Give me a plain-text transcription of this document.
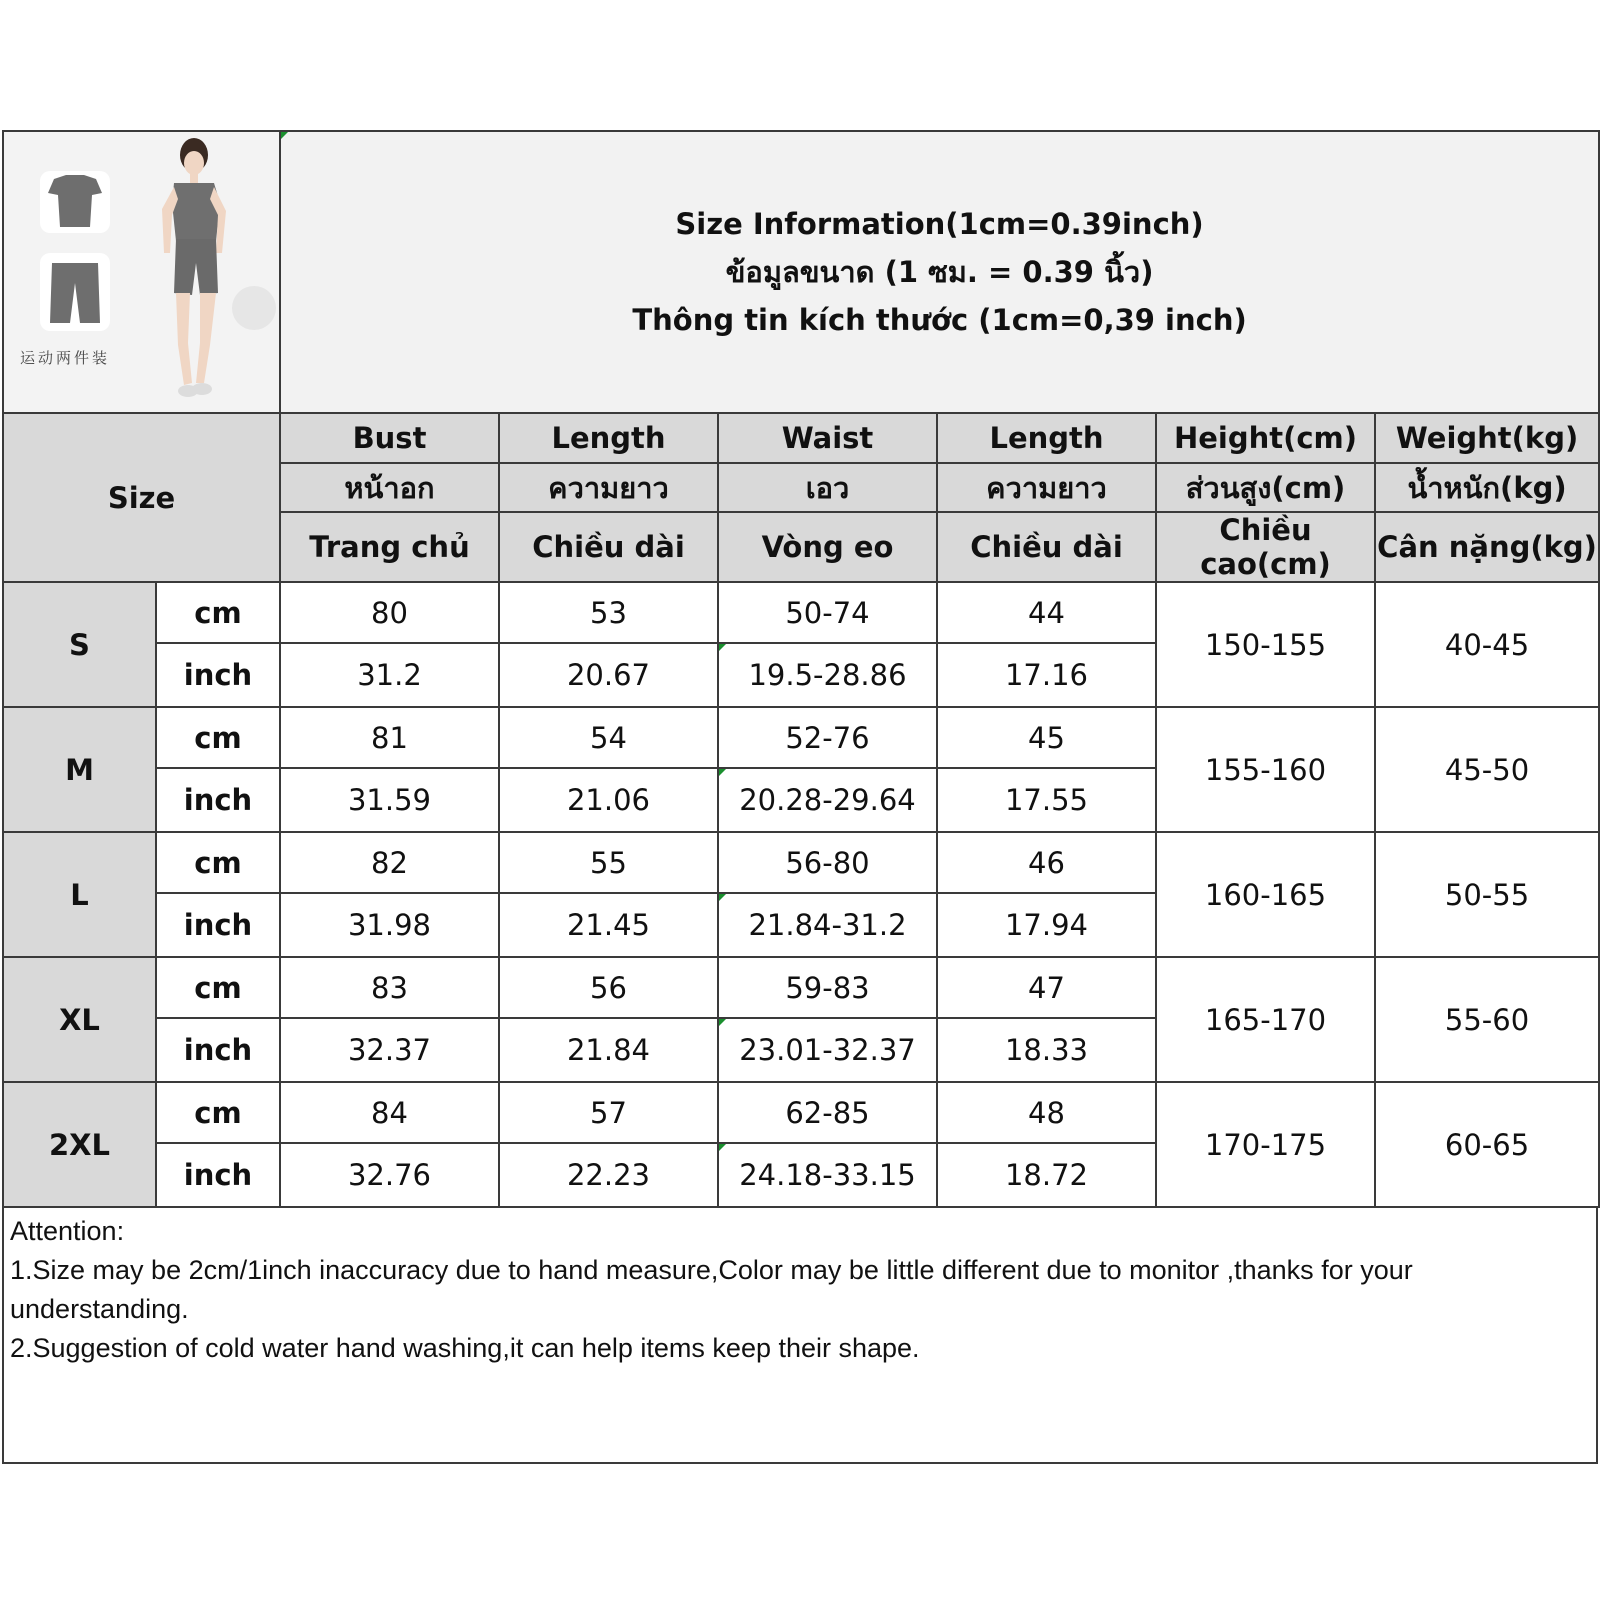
运动两件装		Size Information(1cm=0.39inch)
ข้อมูลขนาด (1 ซม. = 0.39 นิ้ว)
Thông tin kích thước (1cm=0,39 inch)					

Size		Bust	Length	Waist	Length	Height(cm)	Weight(kg)
		หน้าอก	ความยาว	เอว	ความยาว	ส่วนสูง(cm)	น้ำหนัก(kg)
		Trang chủ	Chiều dài	Vòng eo	Chiều dài	Chiều cao(cm)	Cân nặng(kg)
S	cm	80	53	50-74	44	150-155	40-45
	inch	31.2	20.67	19.5-28.86	17.16		
M	cm	81	54	52-76	45	155-160	45-50
	inch	31.59	21.06	20.28-29.64	17.55		
L	cm	82	55	56-80	46	160-165	50-55
	inch	31.98	21.45	21.84-31.2	17.94		
XL	cm	83	56	59-83	47	165-170	55-60
	inch	32.37	21.84	23.01-32.37	18.33		
2XL	cm	84	57	62-85	48	170-175	60-65
	inch	32.76	22.23	24.18-33.15	18.72		
Attention:
1.Size may be 2cm/1inch inaccuracy due to hand measure,Color may be little different due to monitor ,thanks for your understanding.
2.Suggestion of cold water hand washing,it can help items keep their shape.
